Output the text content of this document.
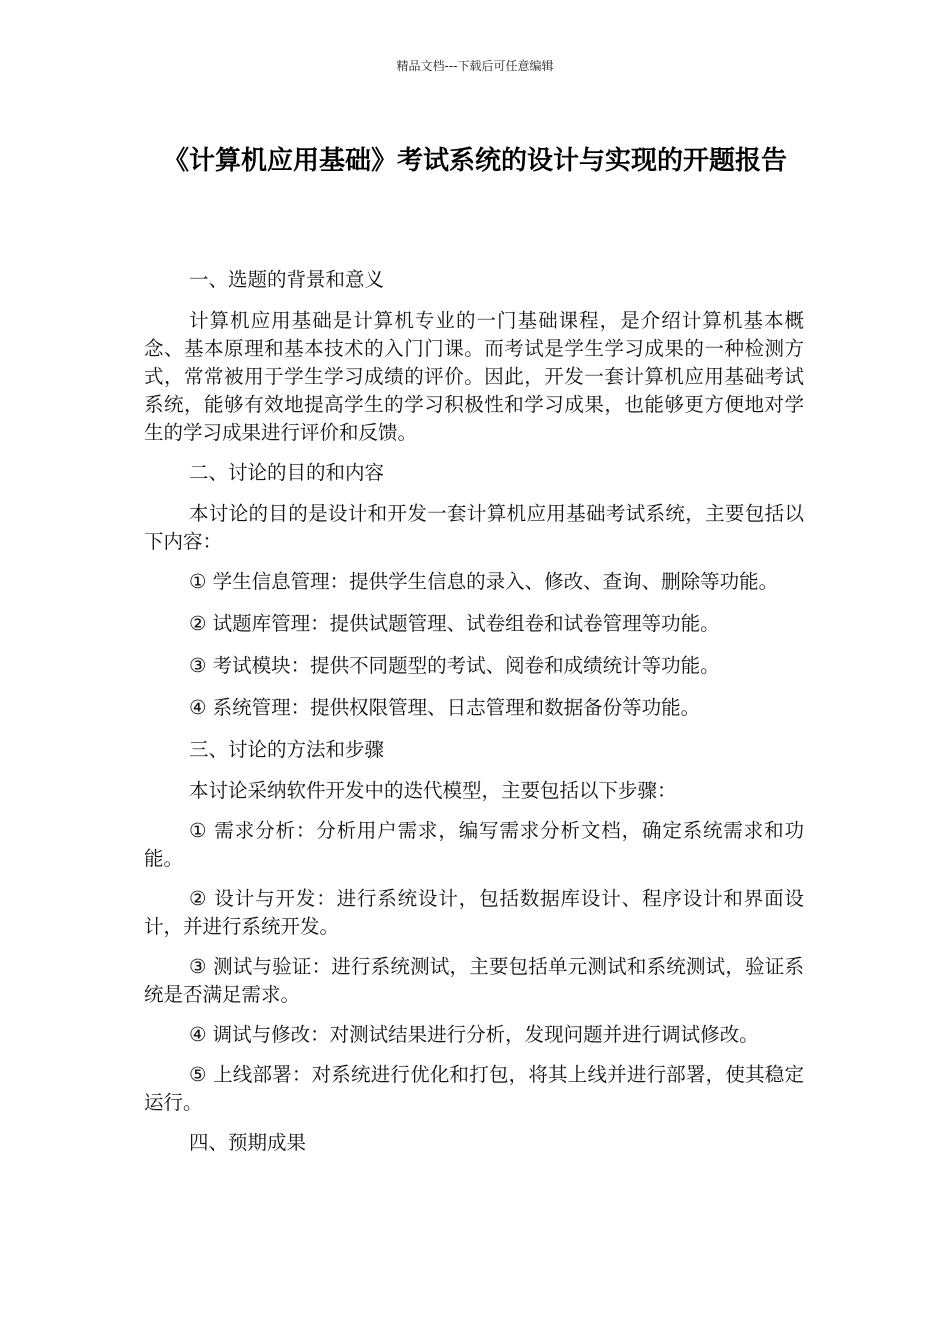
精品文档---下载后可任意编辑
《计算机应用基础》考试系统的设计与实现的开题报告

一、选题的背景和意义

计算机应用基础是计算机专业的一门基础课程，是介绍计算机基本概念、基本原理和基本技术的入门门课。而考试是学生学习成果的一种检测方式，常常被用于学生学习成绩的评价。因此，开发一套计算机应用基础考试系统，能够有效地提高学生的学习积极性和学习成果，也能够更方便地对学生的学习成果进行评价和反馈。

二、讨论的目的和内容

本讨论的目的是设计和开发一套计算机应用基础考试系统，主要包括以下内容：

① 学生信息管理：提供学生信息的录入、修改、查询、删除等功能。

② 试题库管理：提供试题管理、试卷组卷和试卷管理等功能。

③ 考试模块：提供不同题型的考试、阅卷和成绩统计等功能。

④ 系统管理：提供权限管理、日志管理和数据备份等功能。

三、讨论的方法和步骤

本讨论采纳软件开发中的迭代模型，主要包括以下步骤：

① 需求分析：分析用户需求，编写需求分析文档，确定系统需求和功能。

② 设计与开发：进行系统设计，包括数据库设计、程序设计和界面设计，并进行系统开发。

③ 测试与验证：进行系统测试，主要包括单元测试和系统测试，验证系统是否满足需求。

④ 调试与修改：对测试结果进行分析，发现问题并进行调试修改。

⑤ 上线部署：对系统进行优化和打包，将其上线并进行部署，使其稳定运行。

四、预期成果
